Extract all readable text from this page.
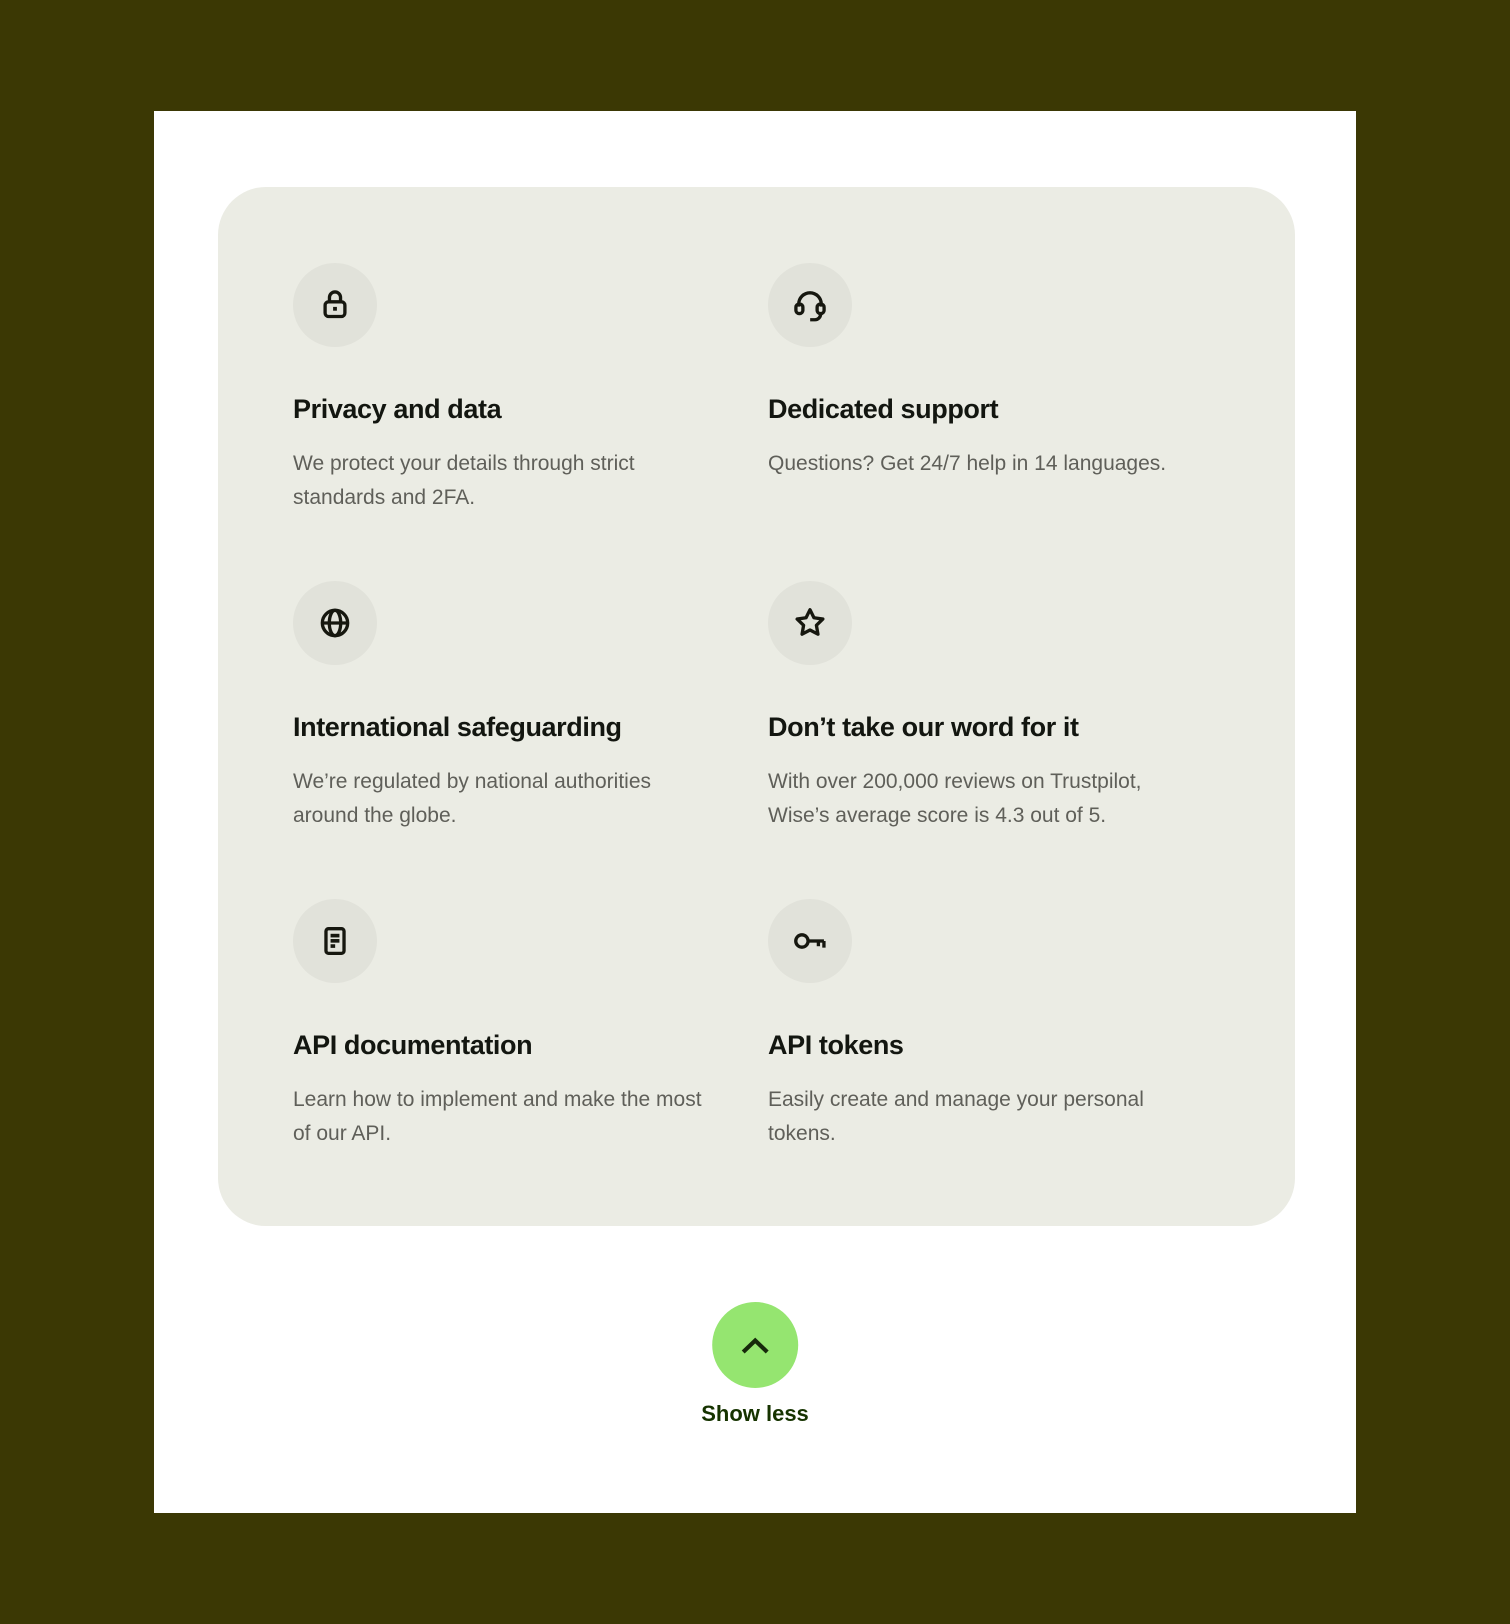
Privacy and data

We protect your details through strict standards and 2FA.

Dedicated support

Questions? Get 24/7 help in 14 languages.

International safeguarding

We’re regulated by national authorities around the globe.

Don’t take our word for it

With over 200,000 reviews on Trustpilot, Wise’s average score is 4.3 out of 5.

API documentation

Learn how to implement and make the most of our API.

API tokens

Easily create and manage your personal tokens.

Show less
